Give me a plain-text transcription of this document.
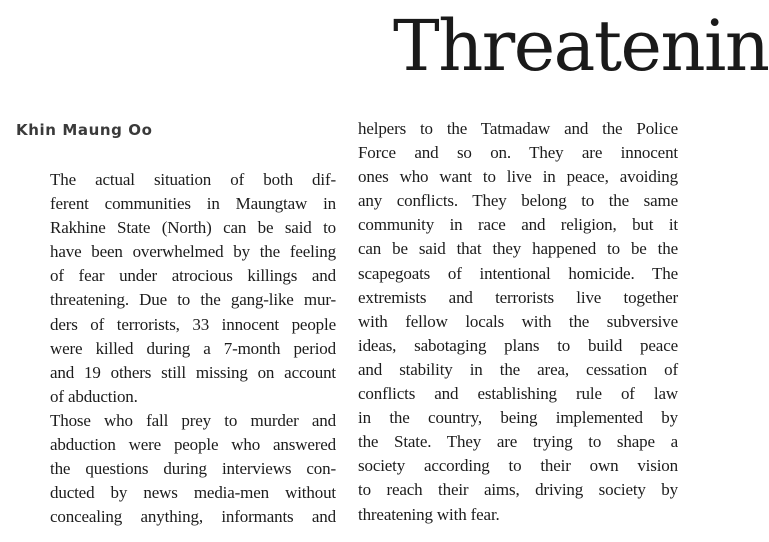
Threatenin
Khin Maung Oo

The actual situation of both dif-
ferent communities in Maungtaw in
Rakhine State (North) can be said to
have been overwhelmed by the feeling
of fear under atrocious killings and
threatening. Due to the gang-like mur-
ders of terrorists, 33 innocent people
were killed during a 7-month period
and 19 others still missing on account
of abduction.

Those who fall prey to murder and
abduction were people who answered
the questions during interviews con-
ducted by news media-men without
concealing anything, informants and

helpers to the Tatmadaw and the Police
Force and so on. They are innocent
ones who want to live in peace, avoiding
any conflicts. They belong to the same
community in race and religion, but it
can be said that they happened to be the
scapegoats of intentional homicide. The
extremists and terrorists live together
with fellow locals with the subversive
ideas, sabotaging plans to build peace
and stability in the area, cessation of
conflicts and establishing rule of law
in the country, being implemented by
the State. They are trying to shape a
society according to their own vision
to reach their aims, driving society by
threatening with fear.
